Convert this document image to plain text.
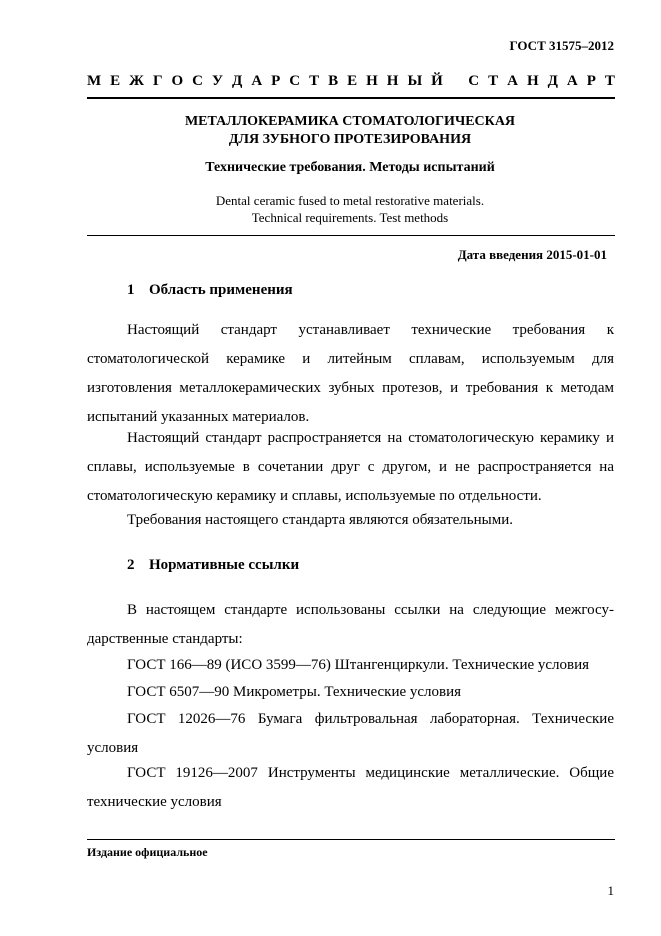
ГОСТ 31575–2012
М Е Ж Г О С У Д А Р С Т В Е Н Н Ы Й
С Т А Н Д А Р Т
МЕТАЛЛОКЕРАМИКА СТОМАТОЛОГИЧЕСКАЯ
ДЛЯ ЗУБНОГО ПРОТЕЗИРОВАНИЯ
Технические требования. Методы испытаний
Dental ceramic fused to metal restorative materials.
Technical requirements. Test methods
Дата введения 2015-01-01
1 Область применения

Настоящий стандарт устанавливает технические требования к стоматологической керамике и литейным сплавам, используемым для изготовления металлокерамических зубных протезов, и требования к методам испытаний указанных материалов.

Настоящий стандарт распространяется на стоматологическую керамику и сплавы, используемые в сочетании друг с другом, и не распространяется на стоматологическую керамику и сплавы, используемые по отдельности.

Требования настоящего стандарта являются обязательными.

2 Нормативные ссылки

В настоящем стандарте использованы ссылки на следующие межгосу-дарственные стандарты:

ГОСТ 166—89 (ИСО 3599—76) Штангенциркули. Технические условия

ГОСТ 6507—90 Микрометры. Технические условия

ГОСТ 12026—76 Бумага фильтровальная лабораторная. Технические условия

ГОСТ 19126—2007 Инструменты медицинские металлические. Общие технические условия

Издание официальное
1
